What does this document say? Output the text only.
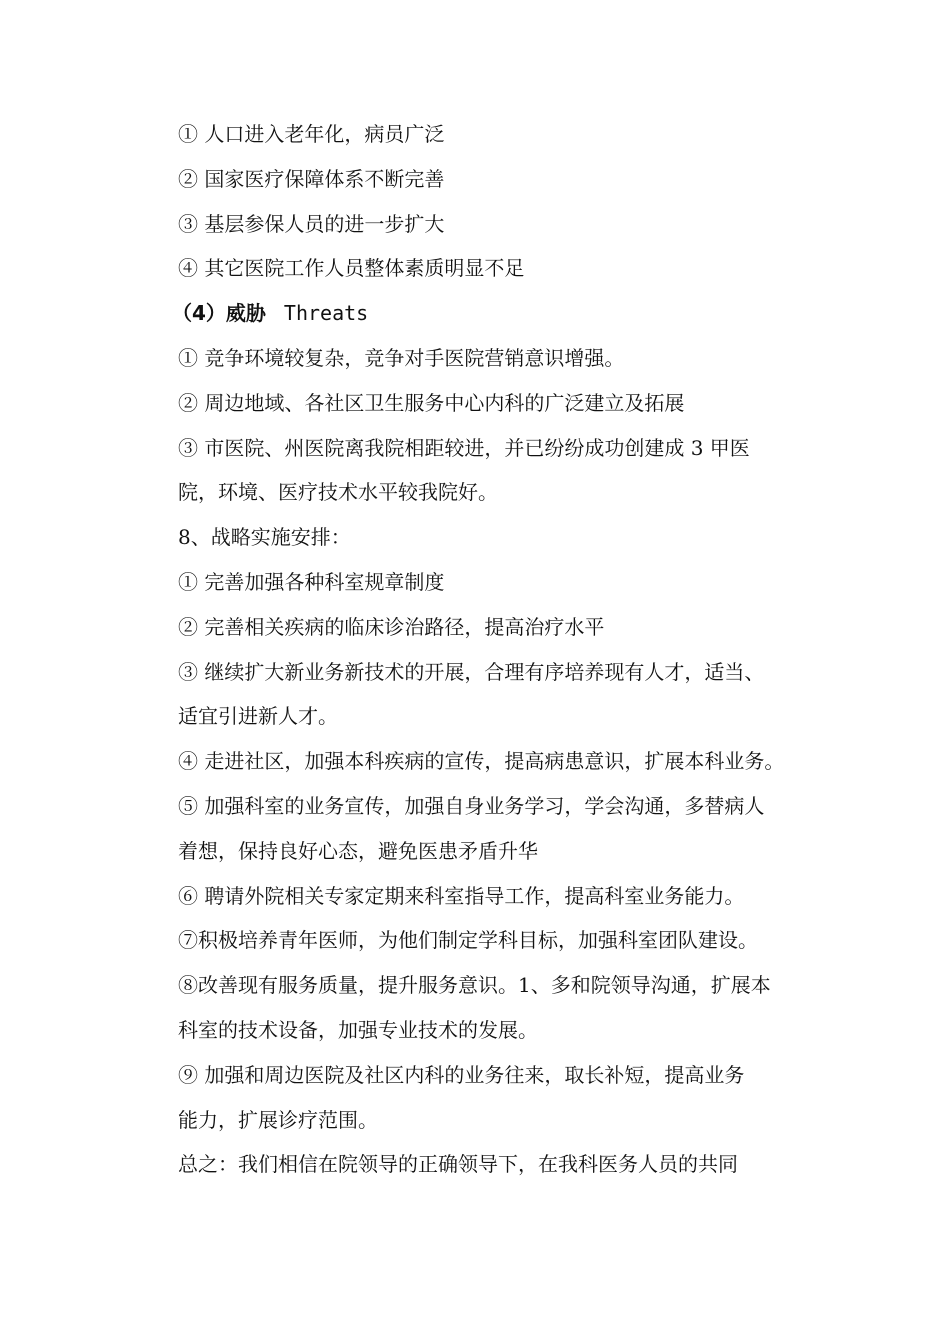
① 人口进入老年化，病员广泛
② 国家医疗保障体系不断完善
③ 基层参保人员的进一步扩大
④ 其它医院工作人员整体素质明显不足
（4）威胁 Threats
① 竞争环境较复杂，竞争对手医院营销意识增强。
② 周边地域、各社区卫生服务中心内科的广泛建立及拓展
③ 市医院、州医院离我院相距较进，并已纷纷成功创建成 3 甲医
院，环境、医疗技术水平较我院好。
8、战略实施安排：
① 完善加强各种科室规章制度
② 完善相关疾病的临床诊治路径，提高治疗水平
③ 继续扩大新业务新技术的开展，合理有序培养现有人才，适当、
适宜引进新人才。
④ 走进社区，加强本科疾病的宣传，提高病患意识，扩展本科业务。
⑤ 加强科室的业务宣传，加强自身业务学习，学会沟通，多替病人
着想，保持良好心态，避免医患矛盾升华
⑥ 聘请外院相关专家定期来科室指导工作，提高科室业务能力。
⑦积极培养青年医师，为他们制定学科目标，加强科室团队建设。
⑧改善现有服务质量，提升服务意识。1、多和院领导沟通，扩展本
科室的技术设备，加强专业技术的发展。
⑨ 加强和周边医院及社区内科的业务往来，取长补短，提高业务
能力，扩展诊疗范围。
总之：我们相信在院领导的正确领导下，在我科医务人员的共同
